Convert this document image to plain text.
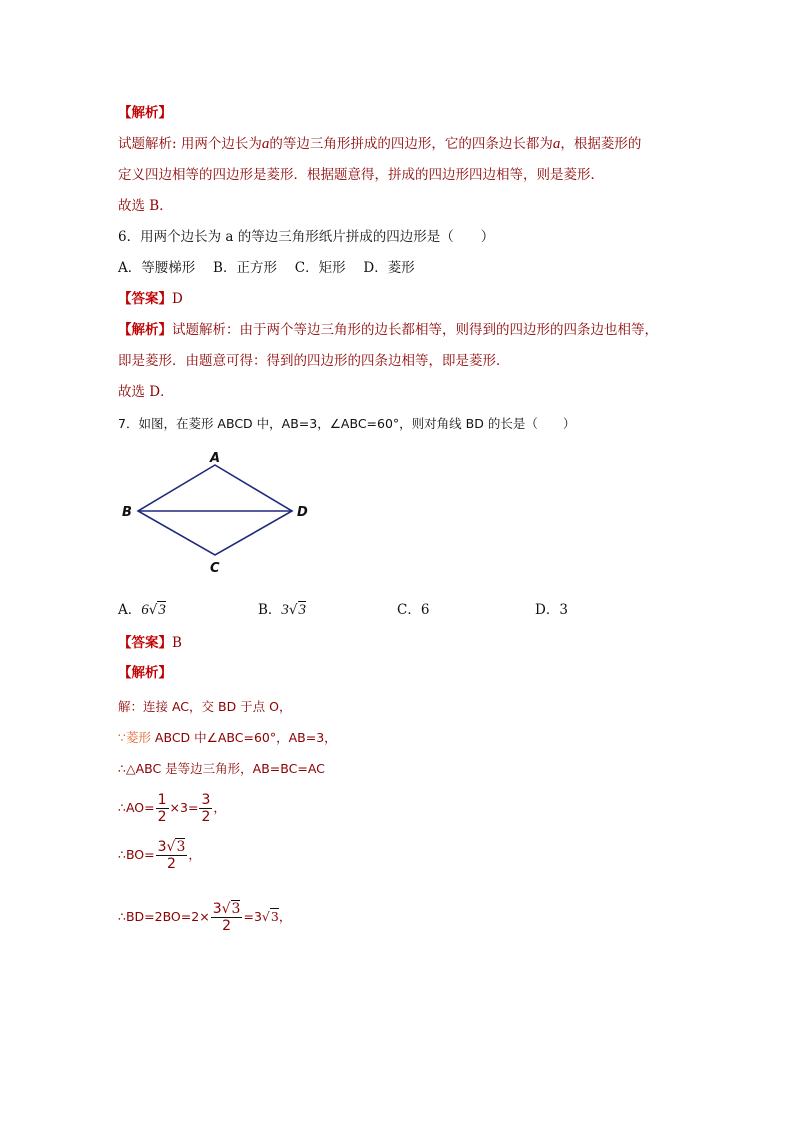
【解析】
试题解析: 用两个边长为a的等边三角形拼成的四边形，它的四条边长都为a，根据菱形的
定义四边相等的四边形是菱形．根据题意得，拼成的四边形四边相等，则是菱形．
故选 B．
6．用两个边长为 a 的等边三角形纸片拼成的四边形是（　　）
A．等腰梯形　 B．正方形　 C．矩形　 D．菱形
【答案】D
【解析】试题解析：由于两个等边三角形的边长都相等，则得到的四边形的四条边也相等，
即是菱形．由题意可得：得到的四边形的四条边相等，即是菱形．
故选 D．
7．如图，在菱形 ABCD 中，AB=3，∠ABC=60°，则对角线 BD 的长是（　　）
A
B
C
D
A．6√3	B．3√3	C．6	D．3
【答案】B
【解析】
解：连接 AC，交 BD 于点 O，
∵菱形 ABCD 中∠ABC=60°，AB=3，
∴△ABC 是等边三角形，AB=BC=AC
∴AO= $\frac{1}{2} \times 3= \frac{3}{2}$ ，
∴BO= $\frac{3√3}{2}$ ，
∴BD=2BO=2× $\frac{3√3}{2} =3√3$，
